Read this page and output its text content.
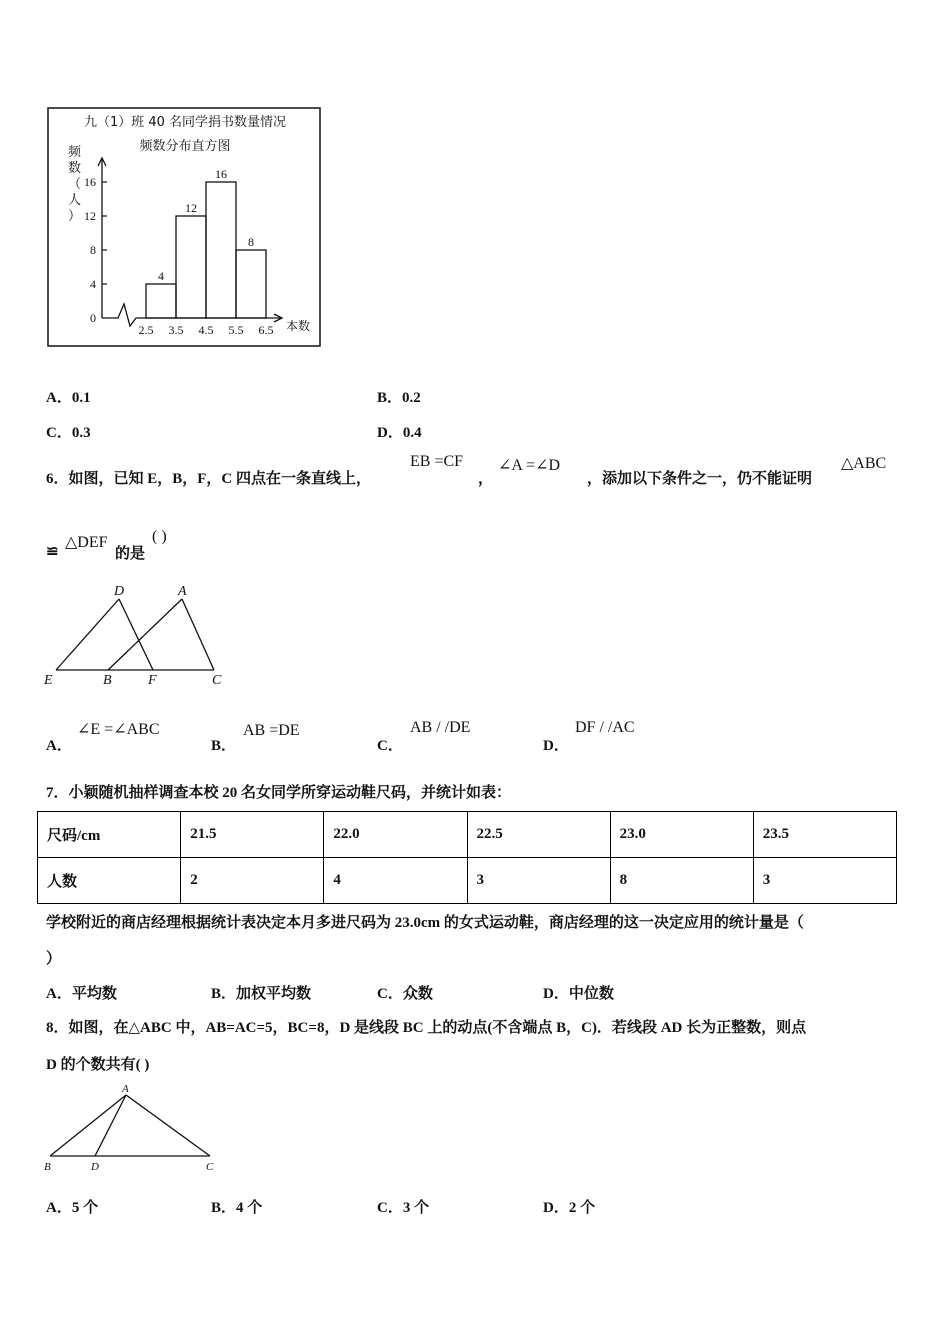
九（1）班 40 名同学捐书数量情况
频数分布直方图
频数（人）
本数
0
4
8
12
16
4
12
16
8
2.5 3.5 4.5 5.5 6.5
A．0.1	B．0.2
C．0.3	D．0.4
6．如图，已知 E，B，F，C 四点在一条直线上，
EB =CF
，
∠A =∠D
，添加以下条件之一，仍不能证明
△ABC
≌
△DEF
的是
( )
D	A
E	B	F	C
A．
∠E =∠ABC
B．
AB =DE
C．
AB / /DE
D．
DF / /AC
7．小颖随机抽样调查本校 20 名女同学所穿运动鞋尺码，并统计如表：
尺码/cm	21.5	22.0	22.5	23.0	23.5
人数	2	4	3	8	3
学校附近的商店经理根据统计表决定本月多进尺码为 23.0cm 的女式运动鞋，商店经理的这一决定应用的统计量是（
）
A．平均数	B．加权平均数	C．众数	D．中位数
8．如图，在△ABC 中，AB=AC=5，BC=8，D 是线段 BC 上的动点(不含端点 B，C)．若线段 AD 长为正整数，则点
D 的个数共有( )
A
B	D	C
A．5 个	B．4 个	C．3 个	D．2 个
